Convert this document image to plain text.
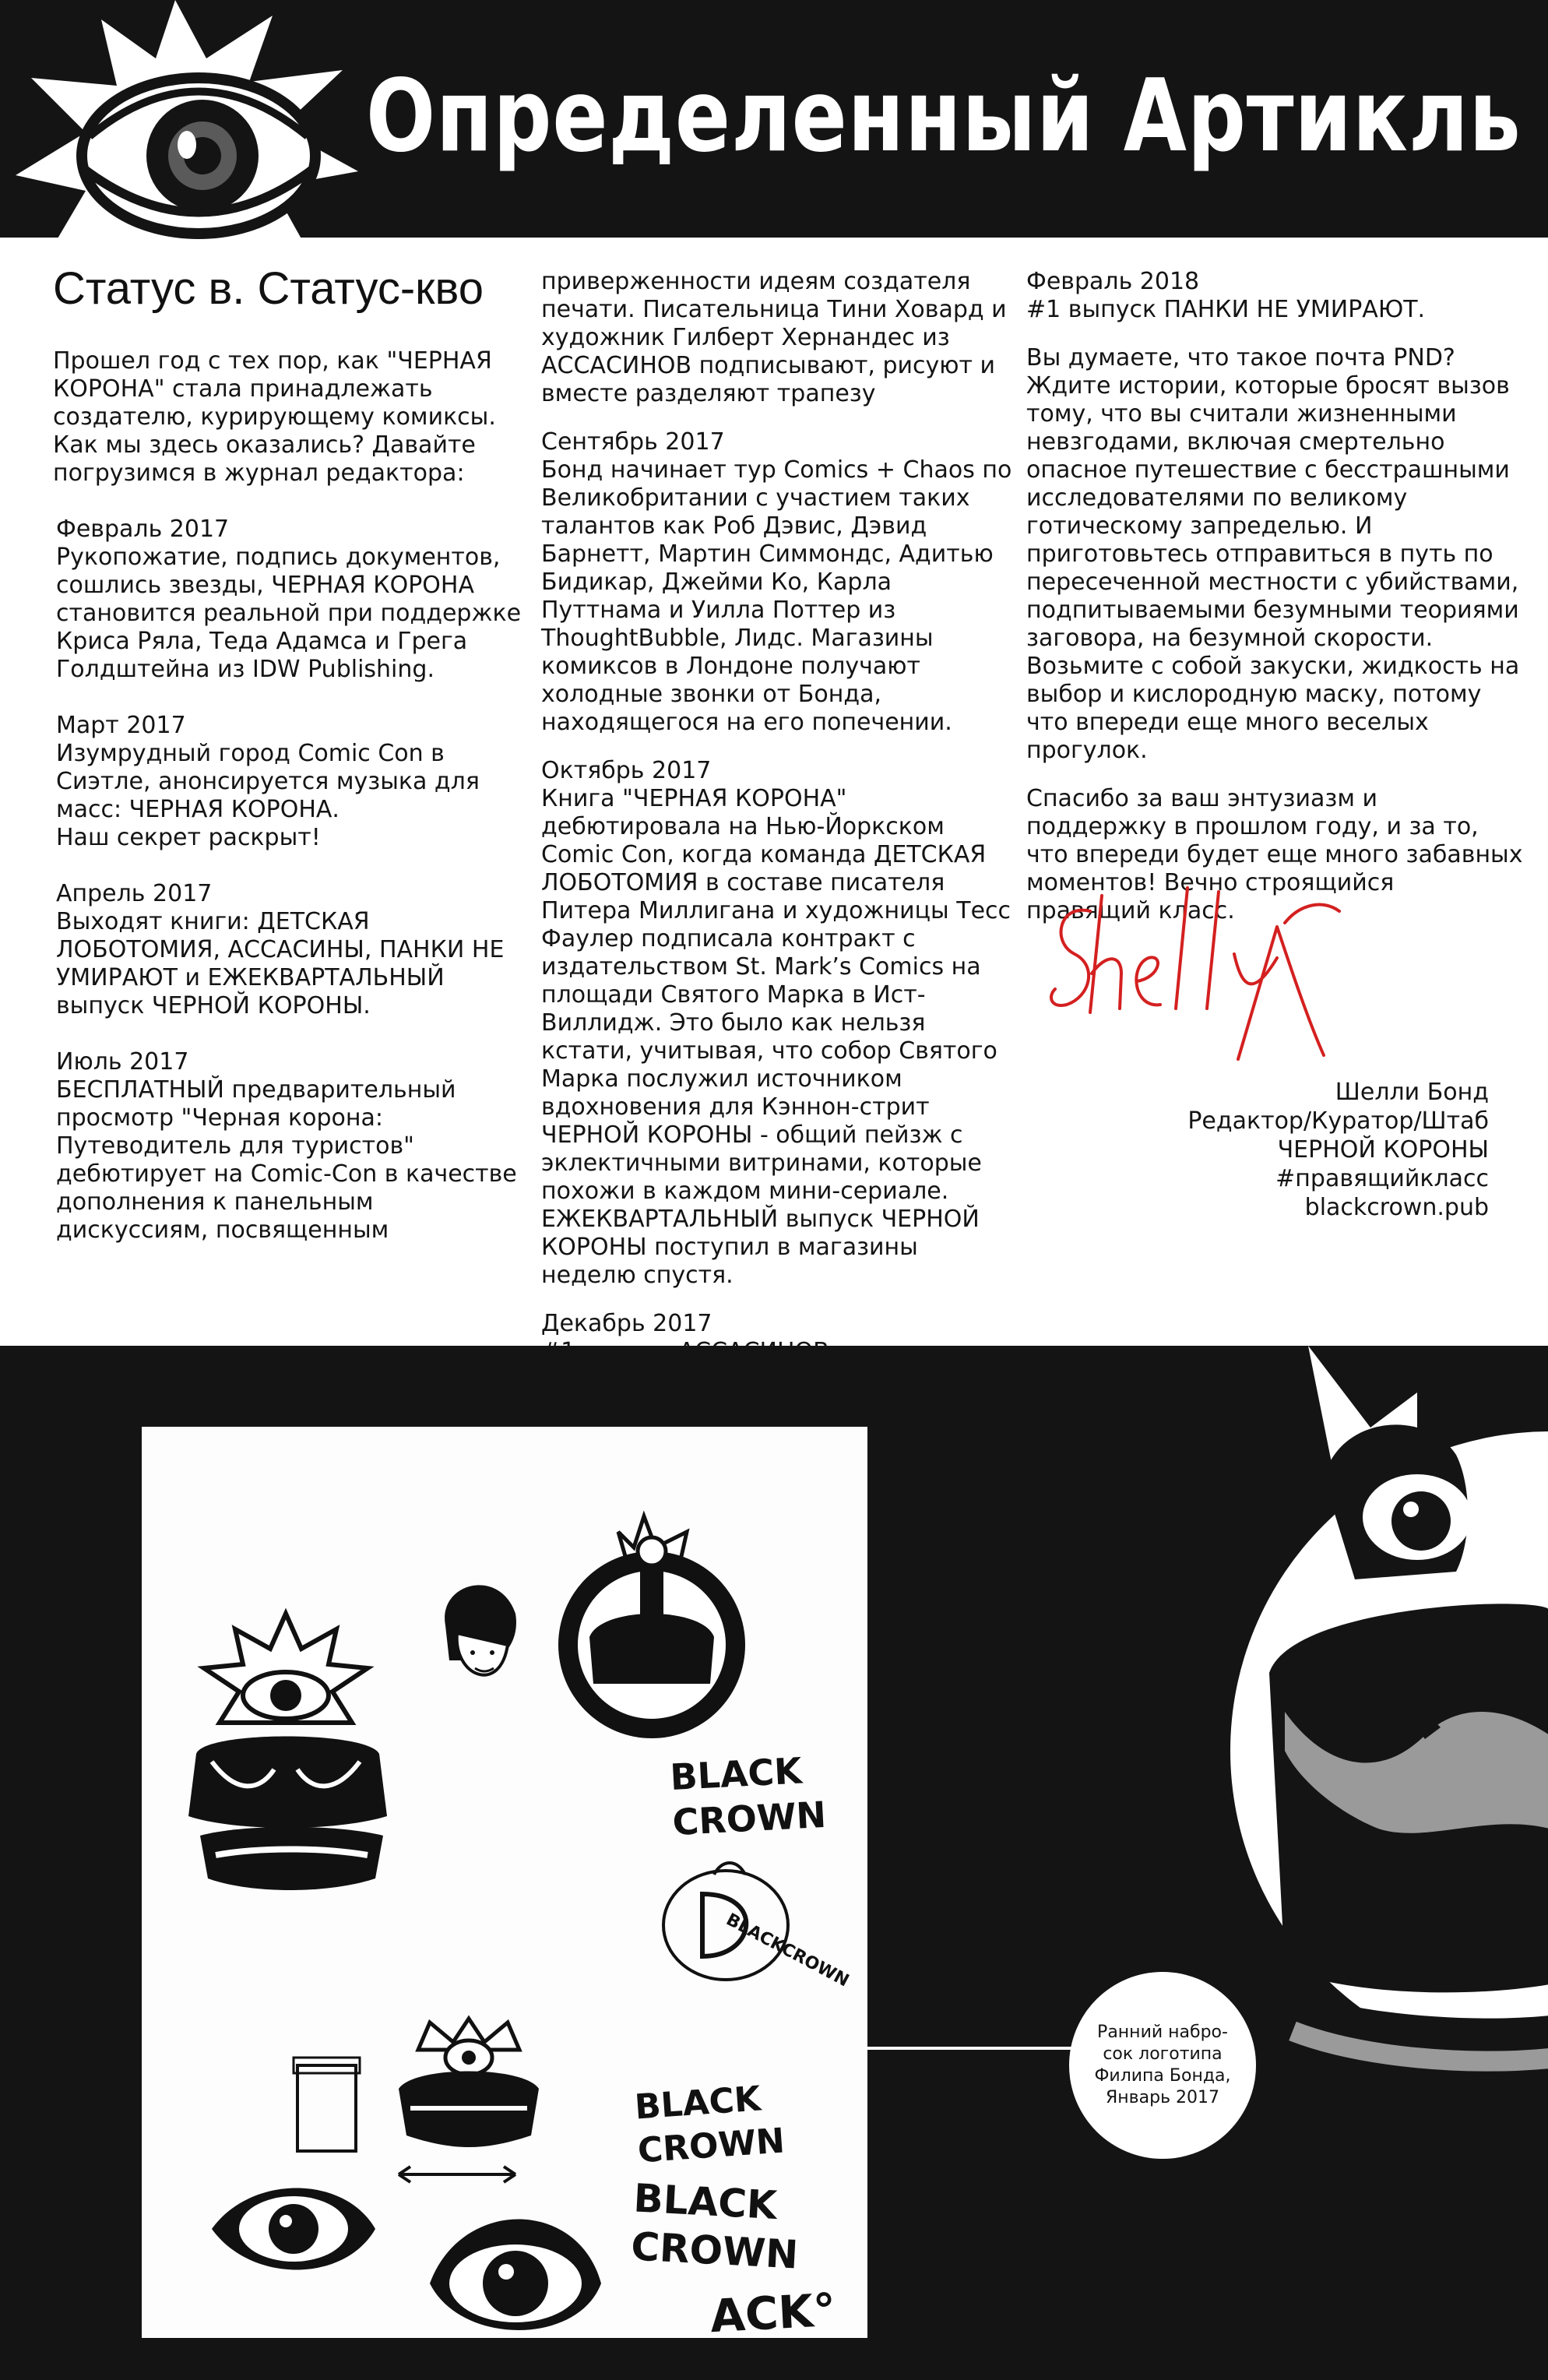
Определенный Артикль
Статус в. Статус-кво

Прошел год с тех пор, как "ЧЕРНАЯ КОРОНА" стала принадлежать создателю, курирующему комиксы. Как мы здесь оказались? Давайте погрузимся в журнал редактора:

Февраль 2017
Рукопожатие, подпись документов, сошлись звезды, ЧЕРНАЯ КОРОНА становится реальной при поддержке Криса Ряла, Теда Адамса и Грега Голдштейна из IDW Publishing.

Март 2017
Изумрудный город Comic Con в Сиэтле, анонсируется музыка для масс: ЧЕРНАЯ КОРОНА.
Наш секрет раскрыт!

Апрель 2017
Выходят книги: ДЕТСКАЯ ЛОБОТОМИЯ, АССАСИНЫ, ПАНКИ НЕ УМИРАЮТ и ЕЖЕКВАРТАЛЬНЫЙ выпуск ЧЕРНОЙ КОРОНЫ.

Июль 2017
БЕСПЛАТНЫЙ предварительный просмотр "Черная корона: Путеводитель для туристов" дебютирует на Comic-Con в качестве дополнения к панельным дискуссиям, посвященным

приверженности идеям создателя печати. Писательница Тини Ховард и художник Гилберт Хернандес из АССАСИНОВ подписывают, рисуют и вместе разделяют трапезу

Сентябрь 2017
Бонд начинает тур Comics + Chaos по Великобритании с участием таких талантов как Роб Дэвис, Дэвид Барнетт, Мартин Симмондс, Адитью Бидикар, Джейми Ко, Карла Путтнама и Уилла Поттер из ThoughtBubble, Лидс. Магазины комиксов в Лондоне получают холодные звонки от Бонда, находящегося на его попечении.

Октябрь 2017
Книга "ЧЕРНАЯ КОРОНА" дебютировала на Нью-Йоркском Comic Con, когда команда ДЕТСКАЯ ЛОБОТОМИЯ в составе писателя Питера Миллигана и художницы Тесс Фаулер подписала контракт с издательством St. Mark’s Comics на площади Святого Марка в Ист-Виллидж. Это было как нельзя кстати, учитывая, что собор Святого Марка послужил источником вдохновения для Кэннон-стрит ЧЕРНОЙ КОРОНЫ - общий пейзж с эклектичными витринами, которые похожи в каждом мини-сериале. ЕЖЕКВАРТАЛЬНЫЙ выпуск ЧЕРНОЙ КОРОНЫ поступил в магазины неделю спустя.

Декабрь 2017

Февраль 2018
#1 выпуск ПАНКИ НЕ УМИРАЮТ.

Вы думаете, что такое почта PND? Ждите истории, которые бросят вызов тому, что вы считали жизненными невзгодами, включая смертельно опасное путешествие с бесстрашными исследователями по великому готическому запределью. И приготовьтесь отправиться в путь по пересеченной местности с убийствами, подпитываемыми безумными теориями заговора, на безумной скорости. Возьмите с собой закуски, жидкость на выбор и кислородную маску, потому что впереди еще много веселых прогулок.

Спасибо за ваш энтузиазм и поддержку в прошлом году, и за то, что впереди будет еще много забавных моментов! Вечно строящийся правящий класс.

Шелли Бонд
Редактор/Куратор/Штаб
ЧЕРНОЙ КОРОНЫ
#правящийкласс
blackcrown.pub
BLACK
CROWN
BLACKCROWN
BLACK
CROWN
BLACK
CROWN
ACK°
Ранний набро-
сок логотипа
Филипа Бонда,
Январь 2017
